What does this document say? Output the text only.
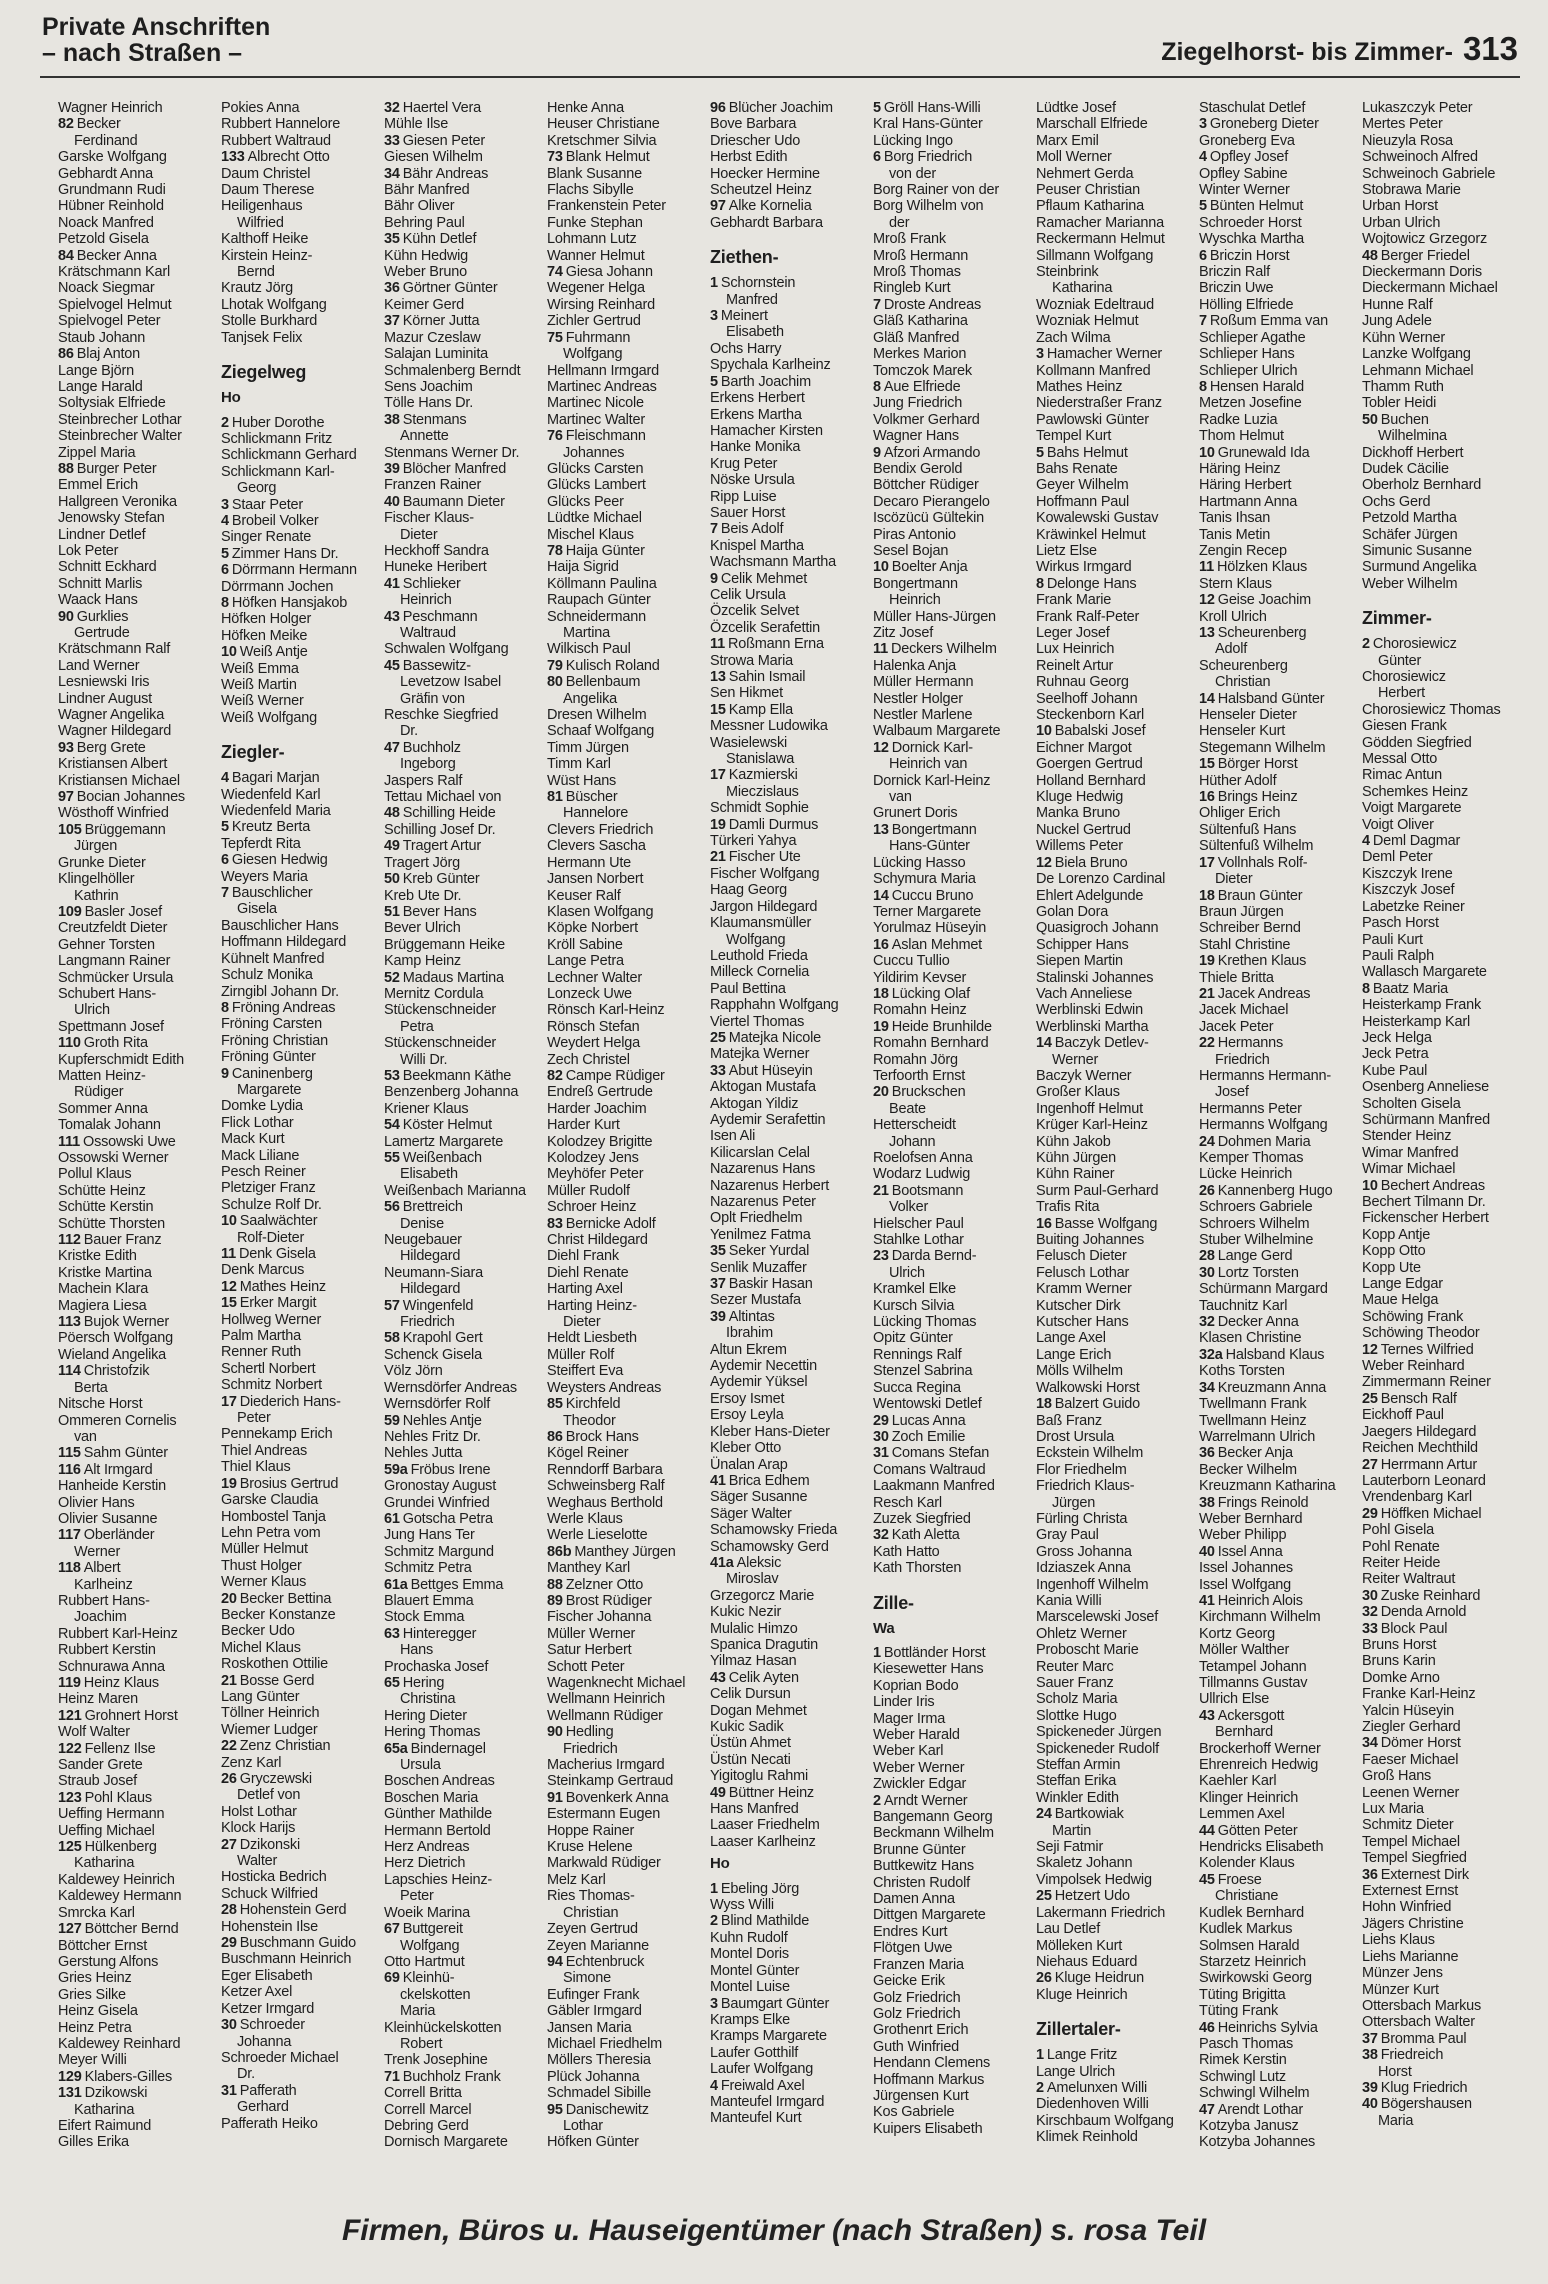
Private Anschriften
– nach Straßen –	Ziegelhorst- bis Zimmer- 313
Wagner Heinrich
82 Becker
Ferdinand
Garske Wolfgang
Gebhardt Anna
Grundmann Rudi
Hübner Reinhold
Noack Manfred
Petzold Gisela
84 Becker Anna
Krätschmann Karl
Noack Siegmar
Spielvogel Helmut
Spielvogel Peter
Staub Johann
86 Blaj Anton
Lange Björn
Lange Harald
Soltysiak Elfriede
Steinbrecher Lothar
Steinbrecher Walter
Zippel Maria
88 Burger Peter
Emmel Erich
Hallgreen Veronika
Jenowsky Stefan
Lindner Detlef
Lok Peter
Schnitt Eckhard
Schnitt Marlis
Waack Hans
90 Gurklies
Gertrude
Krätschmann Ralf
Land Werner
Lesniewski Iris
Lindner August
Wagner Angelika
Wagner Hildegard
93 Berg Grete
Kristiansen Albert
Kristiansen Michael
97 Bocian Johannes
Wösthoff Winfried
105 Brüggemann
Jürgen
Grunke Dieter
Klingelhöller
Kathrin
109 Basler Josef
Creutzfeldt Dieter
Gehner Torsten
Langmann Rainer
Schmücker Ursula
Schubert Hans-
Ulrich
Spettmann Josef
110 Groth Rita
Kupferschmidt Edith
Matten Heinz-
Rüdiger
Sommer Anna
Tomalak Johann
111 Ossowski Uwe
Ossowski Werner
Pollul Klaus
Schütte Heinz
Schütte Kerstin
Schütte Thorsten
112 Bauer Franz
Kristke Edith
Kristke Martina
Machein Klara
Magiera Liesa
113 Bujok Werner
Pöersch Wolfgang
Wieland Angelika
114 Christofzik
Berta
Nitsche Horst
Ommeren Cornelis
van
115 Sahm Günter
116 Alt Irmgard
Hanheide Kerstin
Olivier Hans
Olivier Susanne
117 Oberländer
Werner
118 Albert
Karlheinz
Rubbert Hans-
Joachim
Rubbert Karl-Heinz
Rubbert Kerstin
Schnurawa Anna
119 Heinz Klaus
Heinz Maren
121 Grohnert Horst
Wolf Walter
122 Fellenz Ilse
Sander Grete
Straub Josef
123 Pohl Klaus
Ueffing Hermann
Ueffing Michael
125 Hülkenberg
Katharina
Kaldewey Heinrich
Kaldewey Hermann
Smrcka Karl
127 Böttcher Bernd
Böttcher Ernst
Gerstung Alfons
Gries Heinz
Gries Silke
Heinz Gisela
Heinz Petra
Kaldewey Reinhard
Meyer Willi
129 Klabers-Gilles
131 Dzikowski
Katharina
Eifert Raimund
Gilles Erika
Pokies Anna
Rubbert Hannelore
Rubbert Waltraud
133 Albrecht Otto
Daum Christel
Daum Therese
Heiligenhaus
Wilfried
Kalthoff Heike
Kirstein Heinz-
Bernd
Krautz Jörg
Lhotak Wolfgang
Stolle Burkhard
Tanjsek Felix
Ziegelweg
Ho
2 Huber Dorothe
Schlickmann Fritz
Schlickmann Gerhard
Schlickmann Karl-
Georg
3 Staar Peter
4 Brobeil Volker
Singer Renate
5 Zimmer Hans Dr.
6 Dörrmann Hermann
Dörrmann Jochen
8 Höfken Hansjakob
Höfken Holger
Höfken Meike
10 Weiß Antje
Weiß Emma
Weiß Martin
Weiß Werner
Weiß Wolfgang
Ziegler-
4 Bagari Marjan
Wiedenfeld Karl
Wiedenfeld Maria
5 Kreutz Berta
Tepferdt Rita
6 Giesen Hedwig
Weyers Maria
7 Bauschlicher
Gisela
Bauschlicher Hans
Hoffmann Hildegard
Kühnelt Manfred
Schulz Monika
Zirngibl Johann Dr.
8 Fröning Andreas
Fröning Carsten
Fröning Christian
Fröning Günter
9 Caninenberg
Margarete
Domke Lydia
Flick Lothar
Mack Kurt
Mack Liliane
Pesch Reiner
Pletziger Franz
Schulze Rolf Dr.
10 Saalwächter
Rolf-Dieter
11 Denk Gisela
Denk Marcus
12 Mathes Heinz
15 Erker Margit
Hollweg Werner
Palm Martha
Renner Ruth
Schertl Norbert
Schmitz Norbert
17 Diederich Hans-
Peter
Pennekamp Erich
Thiel Andreas
Thiel Klaus
19 Brosius Gertrud
Garske Claudia
Hombostel Tanja
Lehn Petra vom
Müller Helmut
Thust Holger
Werner Klaus
20 Becker Bettina
Becker Konstanze
Becker Udo
Michel Klaus
Roskothen Ottilie
21 Bosse Gerd
Lang Günter
Töllner Heinrich
Wiemer Ludger
22 Zenz Christian
Zenz Karl
26 Gryczewski
Detlef von
Holst Lothar
Klock Harijs
27 Dzikonski
Walter
Hosticka Bedrich
Schuck Wilfried
28 Hohenstein Gerd
Hohenstein Ilse
29 Buschmann Guido
Buschmann Heinrich
Eger Elisabeth
Ketzer Axel
Ketzer Irmgard
30 Schroeder
Johanna
Schroeder Michael
Dr.
31 Pafferath
Gerhard
Pafferath Heiko
32 Haertel Vera
Mühle Ilse
33 Giesen Peter
Giesen Wilhelm
34 Bähr Andreas
Bähr Manfred
Bähr Oliver
Behring Paul
35 Kühn Detlef
Kühn Hedwig
Weber Bruno
36 Görtner Günter
Keimer Gerd
37 Körner Jutta
Mazur Czeslaw
Salajan Luminita
Schmalenberg Berndt
Sens Joachim
Tölle Hans Dr.
38 Stenmans
Annette
Stenmans Werner Dr.
39 Blöcher Manfred
Franzen Rainer
40 Baumann Dieter
Fischer Klaus-
Dieter
Heckhoff Sandra
Huneke Heribert
41 Schlieker
Heinrich
43 Peschmann
Waltraud
Schwalen Wolfgang
45 Bassewitz-
Levetzow Isabel
Gräfin von
Reschke Siegfried
Dr.
47 Buchholz
Ingeborg
Jaspers Ralf
Tettau Michael von
48 Schilling Heide
Schilling Josef Dr.
49 Tragert Artur
Tragert Jörg
50 Kreb Günter
Kreb Ute Dr.
51 Bever Hans
Bever Ulrich
Brüggemann Heike
Kamp Heinz
52 Madaus Martina
Mernitz Cordula
Stückenschneider
Petra
Stückenschneider
Willi Dr.
53 Beekmann Käthe
Benzenberg Johanna
Kriener Klaus
54 Köster Helmut
Lamertz Margarete
55 Weißenbach
Elisabeth
Weißenbach Marianna
56 Brettreich
Denise
Neugebauer
Hildegard
Neumann-Siara
Hildegard
57 Wingenfeld
Friedrich
58 Krapohl Gert
Schenck Gisela
Völz Jörn
Wernsdörfer Andreas
Wernsdörfer Rolf
59 Nehles Antje
Nehles Fritz Dr.
Nehles Jutta
59a Fröbus Irene
Gronostay August
Grundei Winfried
61 Gotscha Petra
Jung Hans Ter
Schmitz Margund
Schmitz Petra
61a Bettges Emma
Blauert Emma
Stock Emma
63 Hinteregger
Hans
Prochaska Josef
65 Hering
Christina
Hering Dieter
Hering Thomas
65a Bindernagel
Ursula
Boschen Andreas
Boschen Maria
Günther Mathilde
Hermann Bertold
Herz Andreas
Herz Dietrich
Lapschies Heinz-
Peter
Woeik Marina
67 Buttgereit
Wolfgang
Otto Hartmut
69 Kleinhü-
ckelskotten
Maria
Kleinhückelskotten
Robert
Trenk Josephine
71 Buchholz Frank
Correll Britta
Correll Marcel
Debring Gerd
Dornisch Margarete
Henke Anna
Heuser Christiane
Kretschmer Silvia
73 Blank Helmut
Blank Susanne
Flachs Sibylle
Frankenstein Peter
Funke Stephan
Lohmann Lutz
Wanner Helmut
74 Giesa Johann
Wegener Helga
Wirsing Reinhard
Zichler Gertrud
75 Fuhrmann
Wolfgang
Hellmann Irmgard
Martinec Andreas
Martinec Nicole
Martinec Walter
76 Fleischmann
Johannes
Glücks Carsten
Glücks Lambert
Glücks Peer
Lüdtke Michael
Mischel Klaus
78 Haija Günter
Haija Sigrid
Köllmann Paulina
Raupach Günter
Schneidermann
Martina
Wilkisch Paul
79 Kulisch Roland
80 Bellenbaum
Angelika
Dresen Wilhelm
Schaaf Wolfgang
Timm Jürgen
Timm Karl
Wüst Hans
81 Büscher
Hannelore
Clevers Friedrich
Clevers Sascha
Hermann Ute
Jansen Norbert
Keuser Ralf
Klasen Wolfgang
Köpke Norbert
Kröll Sabine
Lange Petra
Lechner Walter
Lonzeck Uwe
Rönsch Karl-Heinz
Rönsch Stefan
Weydert Helga
Zech Christel
82 Campe Rüdiger
Endreß Gertrude
Harder Joachim
Harder Kurt
Kolodzey Brigitte
Kolodzey Jens
Meyhöfer Peter
Müller Rudolf
Schroer Heinz
83 Bernicke Adolf
Christ Hildegard
Diehl Frank
Diehl Renate
Harting Axel
Harting Heinz-
Dieter
Heldt Liesbeth
Müller Rolf
Steiffert Eva
Weysters Andreas
85 Kirchfeld
Theodor
86 Brock Hans
Kögel Reiner
Renndorff Barbara
Schweinsberg Ralf
Weghaus Berthold
Werle Klaus
Werle Lieselotte
86b Manthey Jürgen
Manthey Karl
88 Zelzner Otto
89 Brost Rüdiger
Fischer Johanna
Müller Werner
Satur Herbert
Schott Peter
Wagenknecht Michael
Wellmann Heinrich
Wellmann Rüdiger
90 Hedling
Friedrich
Macherius Irmgard
Steinkamp Gertraud
91 Bovenkerk Anna
Estermann Eugen
Hoppe Rainer
Kruse Helene
Markwald Rüdiger
Melz Karl
Ries Thomas-
Christian
Zeyen Gertrud
Zeyen Marianne
94 Echtenbruck
Simone
Eufinger Frank
Gäbler Irmgard
Jansen Maria
Michael Friedhelm
Möllers Theresia
Plück Johanna
Schmadel Sibille
95 Danischewitz
Lothar
Höfken Günter
96 Blücher Joachim
Bove Barbara
Driescher Udo
Herbst Edith
Hoecker Hermine
Scheutzel Heinz
97 Alke Kornelia
Gebhardt Barbara
Ziethen-
1 Schornstein
Manfred
3 Meinert
Elisabeth
Ochs Harry
Spychala Karlheinz
5 Barth Joachim
Erkens Herbert
Erkens Martha
Hamacher Kirsten
Hanke Monika
Krug Peter
Nöske Ursula
Ripp Luise
Sauer Horst
7 Beis Adolf
Knispel Martha
Wachsmann Martha
9 Celik Mehmet
Celik Ursula
Özcelik Selvet
Özcelik Serafettin
11 Roßmann Erna
Strowa Maria
13 Sahin Ismail
Sen Hikmet
15 Kamp Ella
Messner Ludowika
Wasielewski
Stanislawa
17 Kazmierski
Mieczislaus
Schmidt Sophie
19 Damli Durmus
Türkeri Yahya
21 Fischer Ute
Fischer Wolfgang
Haag Georg
Jargon Hildegard
Klaumansmüller
Wolfgang
Leuthold Frieda
Milleck Cornelia
Paul Bettina
Rapphahn Wolfgang
Viertel Thomas
25 Matejka Nicole
Matejka Werner
33 Abut Hüseyin
Aktogan Mustafa
Aktogan Yildiz
Aydemir Serafettin
Isen Ali
Kilicarslan Celal
Nazarenus Hans
Nazarenus Herbert
Nazarenus Peter
Oplt Friedhelm
Yenilmez Fatma
35 Seker Yurdal
Senlik Muzaffer
37 Baskir Hasan
Sezer Mustafa
39 Altintas
Ibrahim
Altun Ekrem
Aydemir Necettin
Aydemir Yüksel
Ersoy Ismet
Ersoy Leyla
Kleber Hans-Dieter
Kleber Otto
Ünalan Arap
41 Brica Edhem
Säger Susanne
Säger Walter
Schamowsky Frieda
Schamowsky Gerd
41a Aleksic
Miroslav
Grzegorcz Marie
Kukic Nezir
Mulalic Himzo
Spanica Dragutin
Yilmaz Hasan
43 Celik Ayten
Celik Dursun
Dogan Mehmet
Kukic Sadik
Üstün Ahmet
Üstün Necati
Yigitoglu Rahmi
49 Büttner Heinz
Hans Manfred
Laaser Friedhelm
Laaser Karlheinz
Ho
1 Ebeling Jörg
Wyss Willi
2 Blind Mathilde
Kuhn Rudolf
Montel Doris
Montel Günter
Montel Luise
3 Baumgart Günter
Kramps Elke
Kramps Margarete
Laufer Gotthilf
Laufer Wolfgang
4 Freiwald Axel
Manteufel Irmgard
Manteufel Kurt
5 Gröll Hans-Willi
Kral Hans-Günter
Lücking Ingo
6 Borg Friedrich
von der
Borg Rainer von der
Borg Wilhelm von
der
Mroß Frank
Mroß Hermann
Mroß Thomas
Ringleb Kurt
7 Droste Andreas
Gläß Katharina
Gläß Manfred
Merkes Marion
Tomczok Marek
8 Aue Elfriede
Jung Friedrich
Volkmer Gerhard
Wagner Hans
9 Afzori Armando
Bendix Gerold
Böttcher Rüdiger
Decaro Pierangelo
Iscözücü Gültekin
Piras Antonio
Sesel Bojan
10 Boelter Anja
Bongertmann
Heinrich
Müller Hans-Jürgen
Zitz Josef
11 Deckers Wilhelm
Halenka Anja
Müller Hermann
Nestler Holger
Nestler Marlene
Walbaum Margarete
12 Dornick Karl-
Heinrich van
Dornick Karl-Heinz
van
Grunert Doris
13 Bongertmann
Hans-Günter
Lücking Hasso
Schymura Maria
14 Cuccu Bruno
Terner Margarete
Yorulmaz Hüseyin
16 Aslan Mehmet
Cuccu Tullio
Yildirim Kevser
18 Lücking Olaf
Romahn Heinz
19 Heide Brunhilde
Romahn Bernhard
Romahn Jörg
Terfoorth Ernst
20 Bruckschen
Beate
Hetterscheidt
Johann
Roelofsen Anna
Wodarz Ludwig
21 Bootsmann
Volker
Hielscher Paul
Stahlke Lothar
23 Darda Bernd-
Ulrich
Kramkel Elke
Kursch Silvia
Lücking Thomas
Opitz Günter
Rennings Ralf
Stenzel Sabrina
Succa Regina
Wentowski Detlef
29 Lucas Anna
30 Zoch Emilie
31 Comans Stefan
Comans Waltraud
Laakmann Manfred
Resch Karl
Zuzek Siegfried
32 Kath Aletta
Kath Hatto
Kath Thorsten
Zille-
Wa
1 Bottländer Horst
Kiesewetter Hans
Koprian Bodo
Linder Iris
Mager Irma
Weber Harald
Weber Karl
Weber Werner
Zwickler Edgar
2 Arndt Werner
Bangemann Georg
Beckmann Wilhelm
Brunne Günter
Buttkewitz Hans
Christen Rudolf
Damen Anna
Dittgen Margarete
Endres Kurt
Flötgen Uwe
Franzen Maria
Geicke Erik
Golz Friedrich
Golz Friedrich
Grothenrt Erich
Guth Winfried
Hendann Clemens
Hoffmann Markus
Jürgensen Kurt
Kos Gabriele
Kuipers Elisabeth
Lüdtke Josef
Marschall Elfriede
Marx Emil
Moll Werner
Nehmert Gerda
Peuser Christian
Pflaum Katharina
Ramacher Marianna
Reckermann Helmut
Sillmann Wolfgang
Steinbrink
Katharina
Wozniak Edeltraud
Wozniak Helmut
Zach Wilma
3 Hamacher Werner
Kollmann Manfred
Mathes Heinz
Niederstraßer Franz
Pawlowski Günter
Tempel Kurt
5 Bahs Helmut
Bahs Renate
Geyer Wilhelm
Hoffmann Paul
Kowalewski Gustav
Kräwinkel Helmut
Lietz Else
Wirkus Irmgard
8 Delonge Hans
Frank Marie
Frank Ralf-Peter
Leger Josef
Lux Heinrich
Reinelt Artur
Ruhnau Georg
Seelhoff Johann
Steckenborn Karl
10 Babalski Josef
Eichner Margot
Goergen Gertrud
Holland Bernhard
Kluge Hedwig
Manka Bruno
Nuckel Gertrud
Willems Peter
12 Biela Bruno
De Lorenzo Cardinal
Ehlert Adelgunde
Golan Dora
Quasigroch Johann
Schipper Hans
Siepen Martin
Stalinski Johannes
Vach Anneliese
Werblinski Edwin
Werblinski Martha
14 Baczyk Detlev-
Werner
Baczyk Werner
Großer Klaus
Ingenhoff Helmut
Krüger Karl-Heinz
Kühn Jakob
Kühn Jürgen
Kühn Rainer
Surm Paul-Gerhard
Trafis Rita
16 Basse Wolfgang
Buiting Johannes
Felusch Dieter
Felusch Lothar
Kramm Werner
Kutscher Dirk
Kutscher Hans
Lange Axel
Lange Erich
Mölls Wilhelm
Walkowski Horst
18 Balzert Guido
Baß Franz
Drost Ursula
Eckstein Wilhelm
Flor Friedhelm
Friedrich Klaus-
Jürgen
Fürling Christa
Gray Paul
Gross Johanna
Idziaszek Anna
Ingenhoff Wilhelm
Kania Willi
Marscelewski Josef
Ohletz Werner
Proboscht Marie
Reuter Marc
Sauer Franz
Scholz Maria
Slottke Hugo
Spickeneder Jürgen
Spickeneder Rudolf
Steffan Armin
Steffan Erika
Winkler Edith
24 Bartkowiak
Martin
Seji Fatmir
Skaletz Johann
Vimpolsek Hedwig
25 Hetzert Udo
Lakermann Friedrich
Lau Detlef
Mölleken Kurt
Niehaus Eduard
26 Kluge Heidrun
Kluge Heinrich
Zillertaler-
1 Lange Fritz
Lange Ulrich
2 Amelunxen Willi
Diedenhoven Willi
Kirschbaum Wolfgang
Klimek Reinhold
Staschulat Detlef
3 Groneberg Dieter
Groneberg Eva
4 Opfley Josef
Opfley Sabine
Winter Werner
5 Bünten Helmut
Schroeder Horst
Wyschka Martha
6 Briczin Horst
Briczin Ralf
Briczin Uwe
Hölling Elfriede
7 Roßum Emma van
Schlieper Agathe
Schlieper Hans
Schlieper Ulrich
8 Hensen Harald
Metzen Josefine
Radke Luzia
Thom Helmut
10 Grunewald Ida
Häring Heinz
Häring Herbert
Hartmann Anna
Tanis Ihsan
Tanis Metin
Zengin Recep
11 Hölzken Klaus
Stern Klaus
12 Geise Joachim
Kroll Ulrich
13 Scheurenberg
Adolf
Scheurenberg
Christian
14 Halsband Günter
Henseler Dieter
Henseler Kurt
Stegemann Wilhelm
15 Börger Horst
Hüther Adolf
16 Brings Heinz
Ohliger Erich
Sültenfuß Hans
Sültenfuß Wilhelm
17 Vollnhals Rolf-
Dieter
18 Braun Günter
Braun Jürgen
Schreiber Bernd
Stahl Christine
19 Krethen Klaus
Thiele Britta
21 Jacek Andreas
Jacek Michael
Jacek Peter
22 Hermanns
Friedrich
Hermanns Hermann-
Josef
Hermanns Peter
Hermanns Wolfgang
24 Dohmen Maria
Kemper Thomas
Lücke Heinrich
26 Kannenberg Hugo
Schroers Gabriele
Schroers Wilhelm
Stuber Wilhelmine
28 Lange Gerd
30 Lortz Torsten
Schürmann Margard
Tauchnitz Karl
32 Decker Anna
Klasen Christine
32a Halsband Klaus
Koths Torsten
34 Kreuzmann Anna
Twellmann Frank
Twellmann Heinz
Warrelmann Ulrich
36 Becker Anja
Becker Wilhelm
Kreuzmann Katharina
38 Frings Reinold
Weber Bernhard
Weber Philipp
40 Issel Anna
Issel Johannes
Issel Wolfgang
41 Heinrich Alois
Kirchmann Wilhelm
Kortz Georg
Möller Walther
Tetampel Johann
Tillmanns Gustav
Ullrich Else
43 Ackersgott
Bernhard
Brockerhoff Werner
Ehrenreich Hedwig
Kaehler Karl
Klinger Heinrich
Lemmen Axel
44 Götten Peter
Hendricks Elisabeth
Kolender Klaus
45 Froese
Christiane
Kudlek Bernhard
Kudlek Markus
Solmsen Harald
Starzetz Heinrich
Swirkowski Georg
Tüting Brigitta
Tüting Frank
46 Heinrichs Sylvia
Pasch Thomas
Rimek Kerstin
Schwingl Lutz
Schwingl Wilhelm
47 Arendt Lothar
Kotzyba Janusz
Kotzyba Johannes
Lukaszczyk Peter
Mertes Peter
Nieuzyla Rosa
Schweinoch Alfred
Schweinoch Gabriele
Stobrawa Marie
Urban Horst
Urban Ulrich
Wojtowicz Grzegorz
48 Berger Friedel
Dieckermann Doris
Dieckermann Michael
Hunne Ralf
Jung Adele
Kühn Werner
Lanzke Wolfgang
Lehmann Michael
Thamm Ruth
Tobler Heidi
50 Buchen
Wilhelmina
Dickhoff Herbert
Dudek Cäcilie
Oberholz Bernhard
Ochs Gerd
Petzold Martha
Schäfer Jürgen
Simunic Susanne
Surmund Angelika
Weber Wilhelm
Zimmer-
2 Chorosiewicz
Günter
Chorosiewicz
Herbert
Chorosiewicz Thomas
Giesen Frank
Gödden Siegfried
Messal Otto
Rimac Antun
Schemkes Heinz
Voigt Margarete
Voigt Oliver
4 Deml Dagmar
Deml Peter
Kiszczyk Irene
Kiszczyk Josef
Labetzke Reiner
Pasch Horst
Pauli Kurt
Pauli Ralph
Wallasch Margarete
8 Baatz Maria
Heisterkamp Frank
Heisterkamp Karl
Jeck Helga
Jeck Petra
Kube Paul
Osenberg Anneliese
Scholten Gisela
Schürmann Manfred
Stender Heinz
Wimar Manfred
Wimar Michael
10 Bechert Andreas
Bechert Tilmann Dr.
Fickenscher Herbert
Kopp Antje
Kopp Otto
Kopp Ute
Lange Edgar
Maue Helga
Schöwing Frank
Schöwing Theodor
12 Ternes Wilfried
Weber Reinhard
Zimmermann Reiner
25 Bensch Ralf
Eickhoff Paul
Jaegers Hildegard
Reichen Mechthild
27 Herrmann Artur
Lauterborn Leonard
Vrendenbarg Karl
29 Höffken Michael
Pohl Gisela
Pohl Renate
Reiter Heide
Reiter Waltraut
30 Zuske Reinhard
32 Denda Arnold
33 Block Paul
Bruns Horst
Bruns Karin
Domke Arno
Franke Karl-Heinz
Yalcin Hüseyin
Ziegler Gerhard
34 Dömer Horst
Faeser Michael
Groß Hans
Leenen Werner
Lux Maria
Schmitz Dieter
Tempel Michael
Tempel Siegfried
36 Externest Dirk
Externest Ernst
Hohn Winfried
Jägers Christine
Liehs Klaus
Liehs Marianne
Münzer Jens
Münzer Kurt
Ottersbach Markus
Ottersbach Walter
37 Bromma Paul
38 Friedreich
Horst
39 Klug Friedrich
40 Bögershausen
Maria
Firmen, Büros u. Hauseigentümer (nach Straßen) s. rosa Teil
